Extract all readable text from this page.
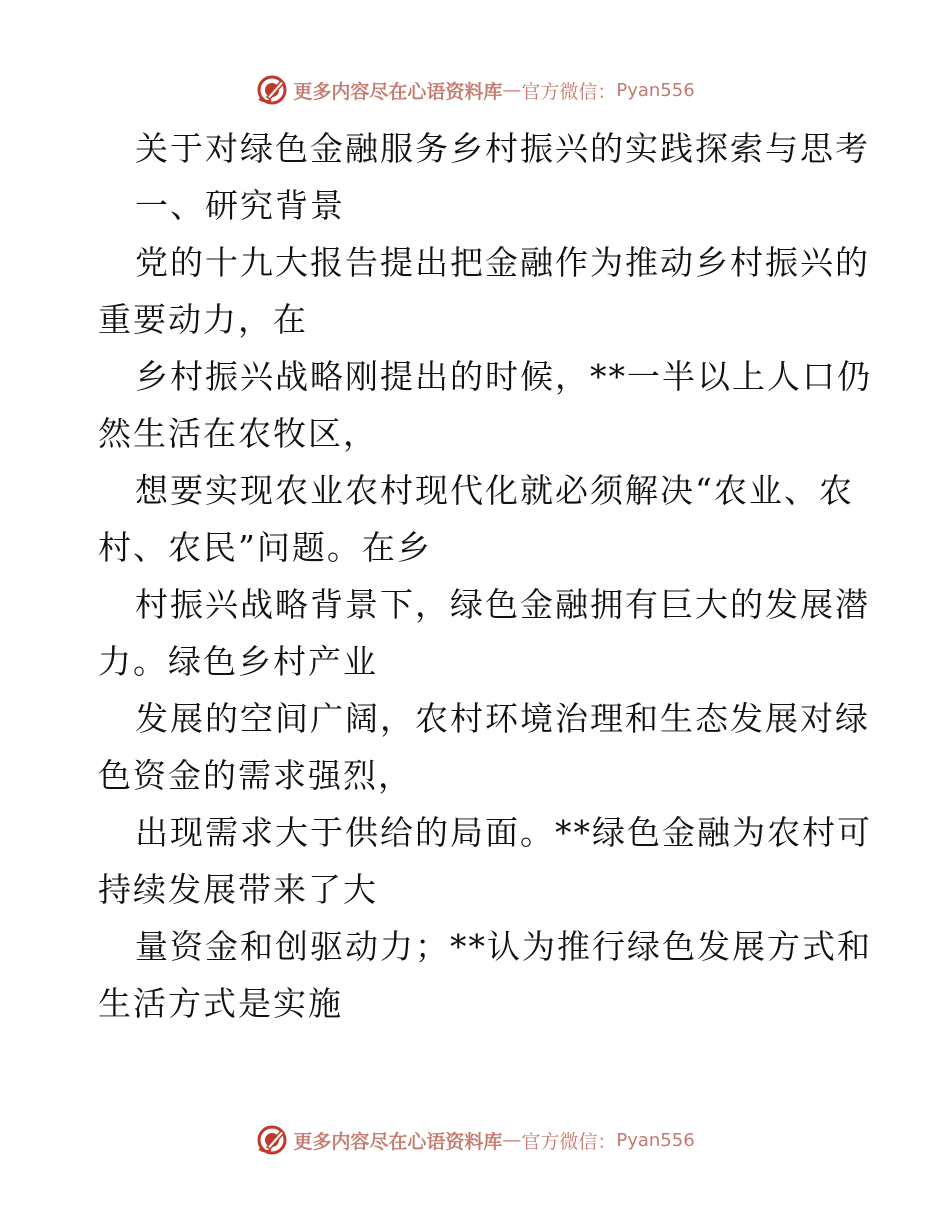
更多内容尽在心语资料库 — 官方微信： Pyan556
关于对绿色金融服务乡村振兴的实践探索与思考
一、研究背景
党的十九大报告提出把金融作为推动乡村振兴的
重要动力，在
乡村振兴战略刚提出的时候，**一半以上人口仍
然生活在农牧区，
想要实现农业农村现代化就必须解决“农业、农
村、农民”问题。在乡
村振兴战略背景下，绿色金融拥有巨大的发展潜
力。绿色乡村产业
发展的空间广阔，农村环境治理和生态发展对绿
色资金的需求强烈，
出现需求大于供给的局面。**绿色金融为农村可
持续发展带来了大
量资金和创驱动力；**认为推行绿色发展方式和
生活方式是实施
更多内容尽在心语资料库 — 官方微信： Pyan556
